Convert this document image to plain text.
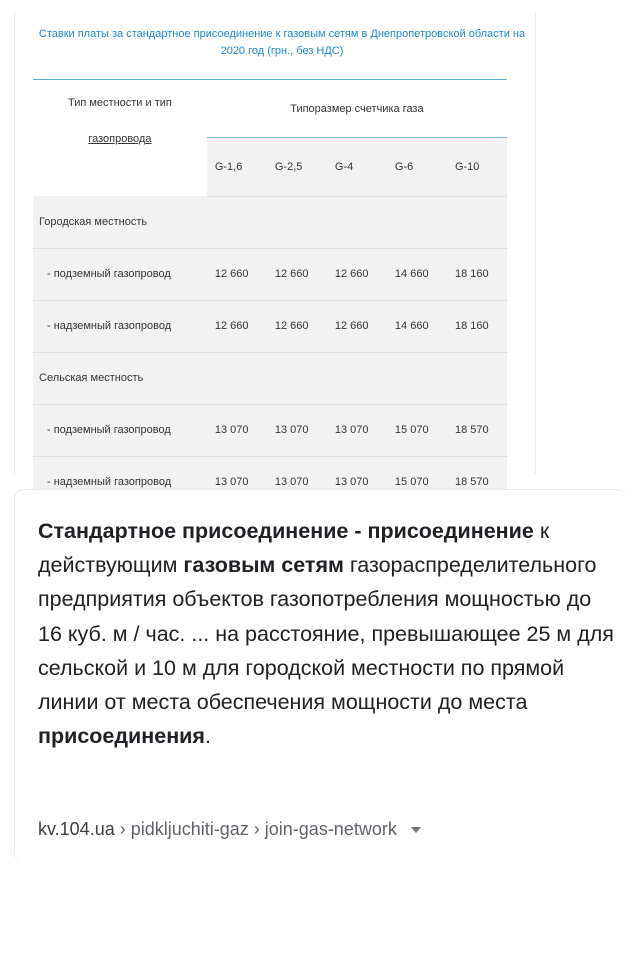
Ставки платы за стандартное присоединение к газовым сетям в Днепропетровской области на 2020 год (грн., без НДС)
Тип местности и тип
газопровода	Типоразмер счетчика газа				
	G-1,6	G-2,5	G-4	G-6	G-10
Городская местность					
- подземный газопровод	12 660	12 660	12 660	14 660	18 160
- надземный газопровод	12 660	12 660	12 660	14 660	18 160
Сельская местность					
- подземный газопровод	13 070	13 070	13 070	15 070	18 570
- надземный газопровод	13 070	13 070	13 070	15 070	18 570
Стандартное присоединение - присоединение к действующим газовым сетям газораспределительного предприятия объектов газопотребления мощностью до 16 куб. м / час. ... на расстояние, превышающее 25 м для сельской и 10 м для городской местности по прямой линии от места обеспечения мощности до места присоединения.
kv.104.ua › pidkljuchiti-gaz › join-gas-network
